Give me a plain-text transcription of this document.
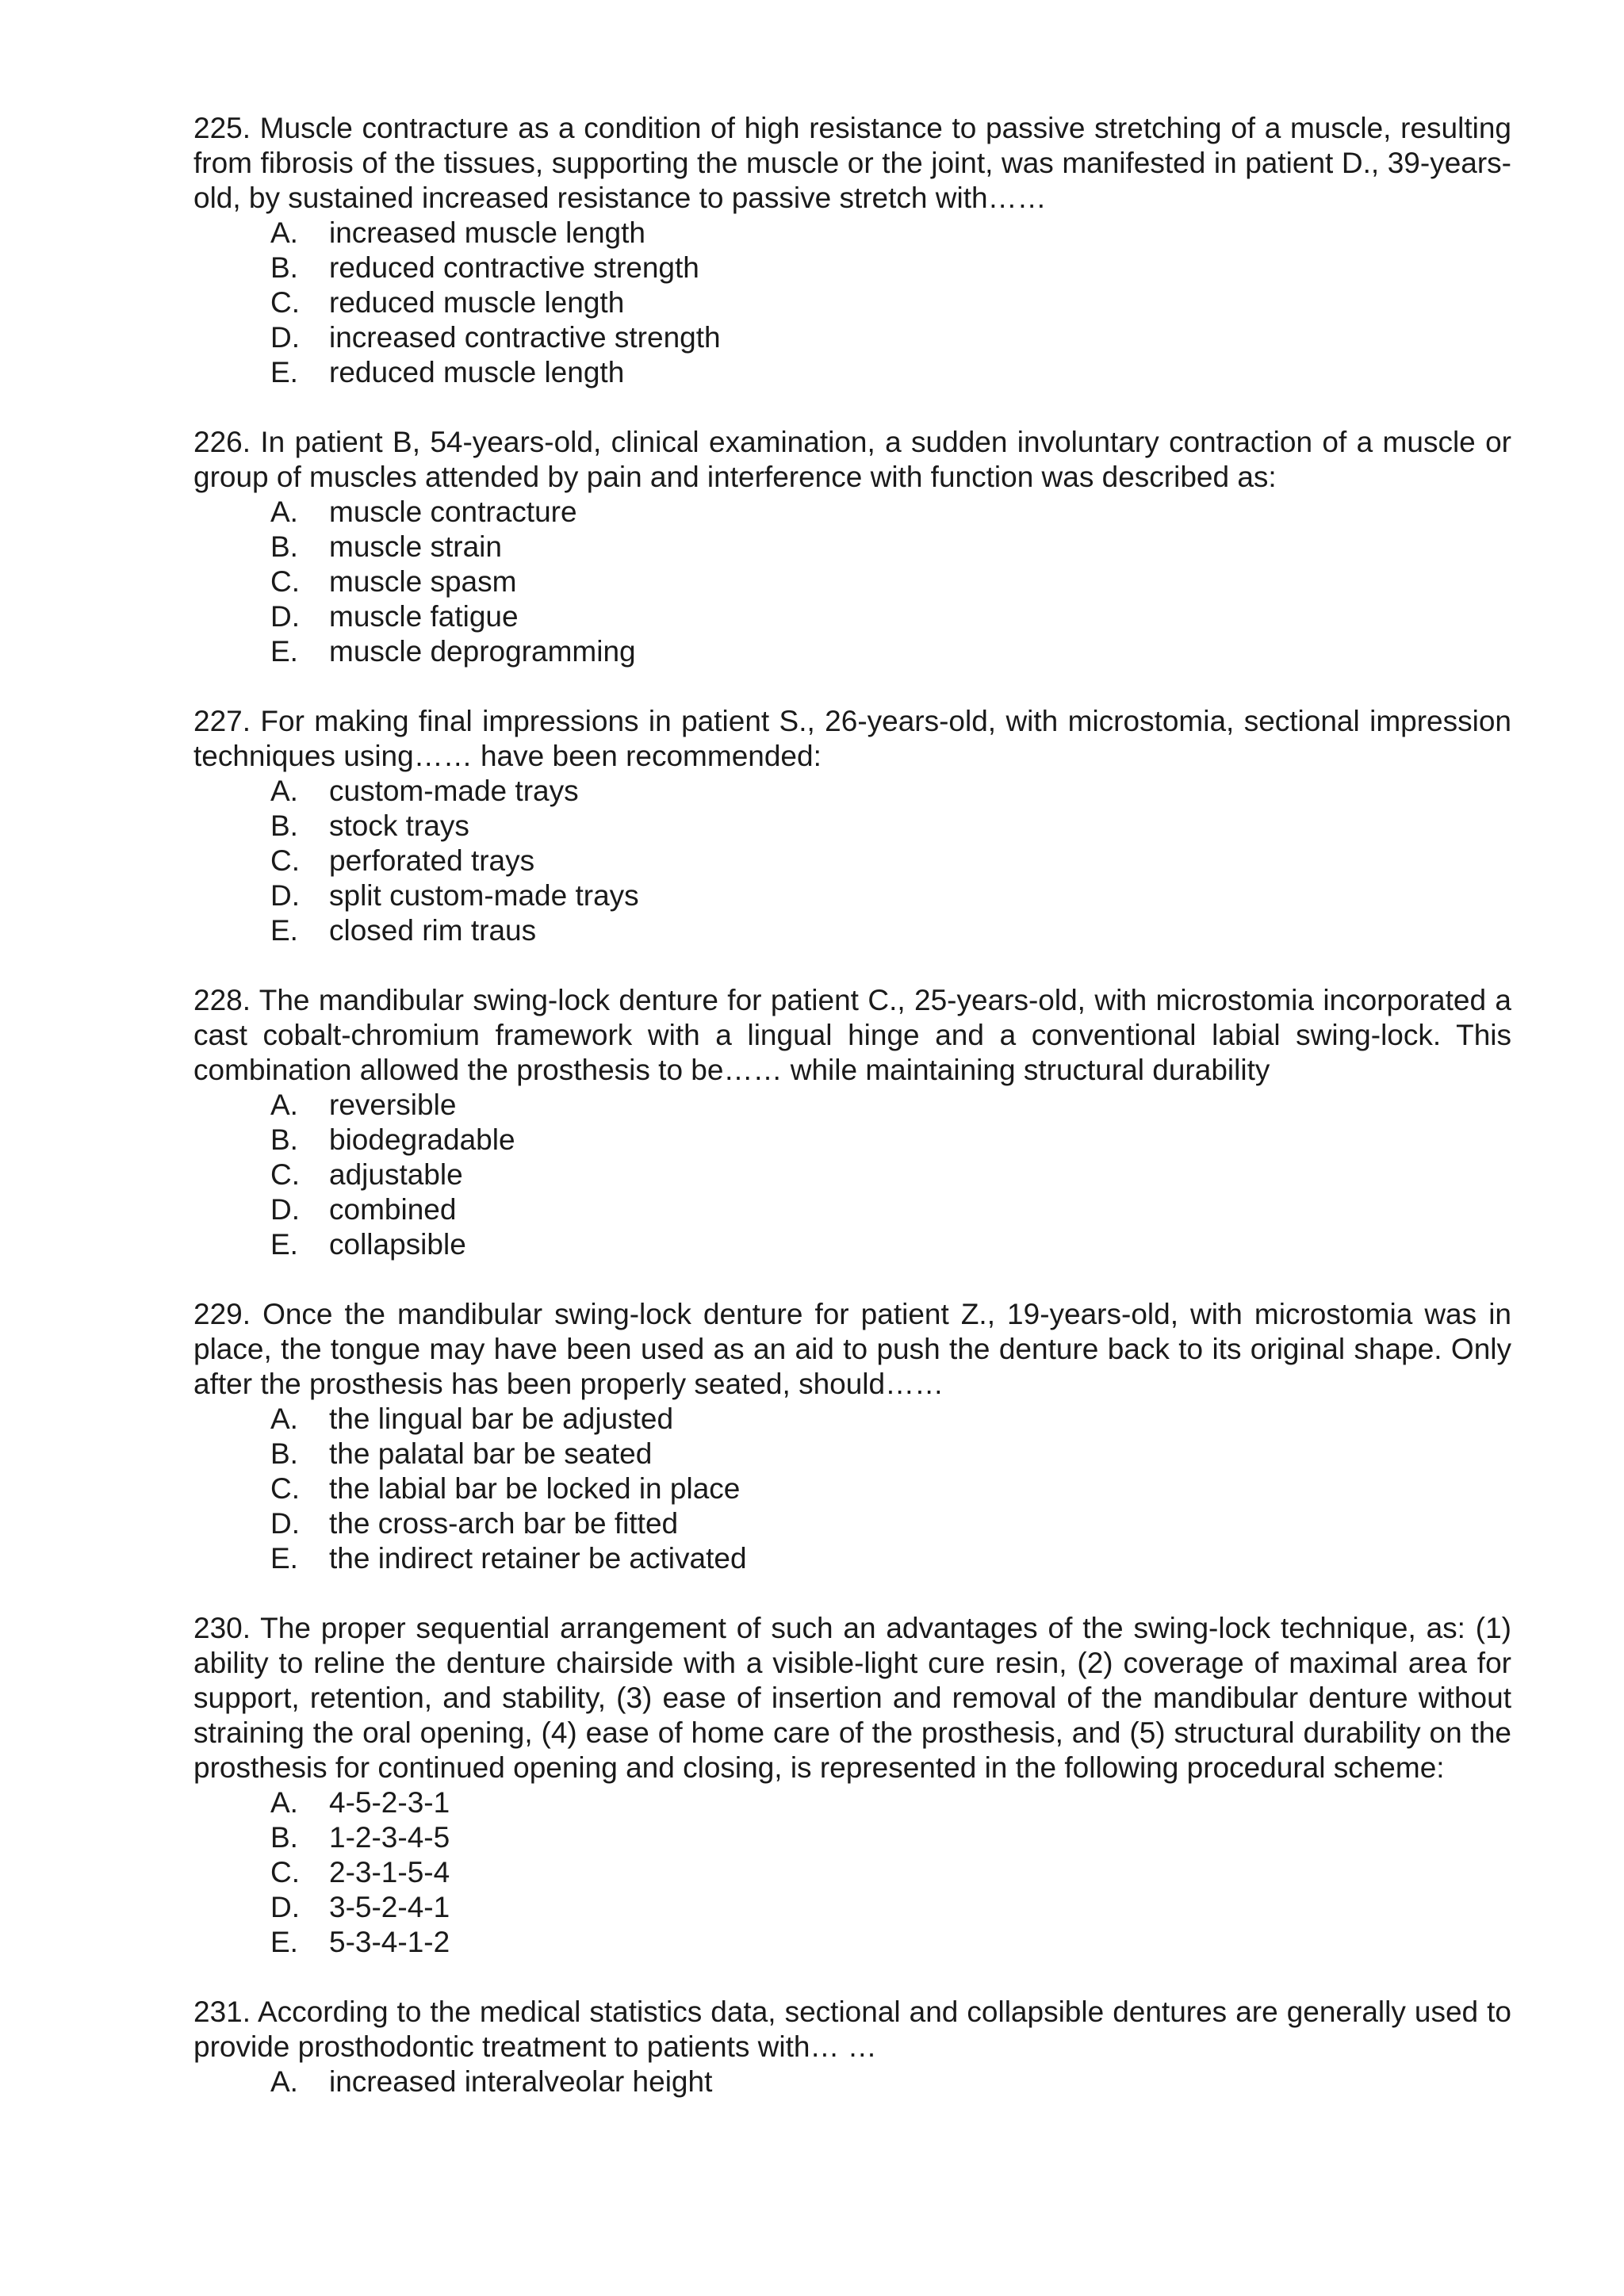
225. Muscle contracture as a condition of high resistance to passive stretching of a muscle, resulting from fibrosis of the tissues, supporting the muscle or the joint, was manifested in patient D., 39-years-old, by sustained increased resistance to passive stretch with……

A.	increased muscle length
B.	reduced contractive strength
C.	reduced muscle length
D.	increased contractive strength
E.	reduced muscle length

226. In patient B, 54-years-old, clinical examination, a sudden involuntary contraction of a muscle or group of muscles attended by pain and interference with function was described as:

A.	muscle contracture
B.	muscle strain
C.	muscle spasm
D.	muscle fatigue
E.	muscle deprogramming

227. For making final impressions in patient S., 26-years-old, with microstomia, sectional impression techniques using…… have been recommended:

A.	custom-made trays
B.	stock trays
C.	perforated trays
D.	split custom-made trays
E.	closed rim traus

228. The mandibular swing-lock denture for patient C., 25-years-old, with microstomia incorporated a cast cobalt-chromium framework with a lingual hinge and a conventional labial swing-lock. This combination allowed the prosthesis to be…… while maintaining structural durability

A.	reversible
B.	biodegradable
C.	adjustable
D.	combined
E.	collapsible

229. Once the mandibular swing-lock denture for patient Z., 19-years-old, with microstomia was in place, the tongue may have been used as an aid to push the denture back to its original shape. Only after the prosthesis has been properly seated, should……

A.	the lingual bar be adjusted
B.	the palatal bar be seated
C.	the labial bar be locked in place
D.	the cross-arch bar be fitted
E.	the indirect retainer be activated

230. The proper sequential arrangement of such an advantages of the swing-lock technique, as: (1) ability to reline the denture chairside with a visible-light cure resin, (2) coverage of maximal area for support, retention, and stability, (3) ease of insertion and removal of the mandibular denture without straining the oral opening, (4) ease of home care of the prosthesis, and (5) structural durability on the prosthesis for continued opening and closing, is represented in the following procedural scheme:

A.	4-5-2-3-1
B.	1-2-3-4-5
C.	2-3-1-5-4
D.	3-5-2-4-1
E.	5-3-4-1-2

231. According to the medical statistics data, sectional and collapsible dentures are generally used to provide prosthodontic treatment to patients with… …

A.	increased interalveolar height
